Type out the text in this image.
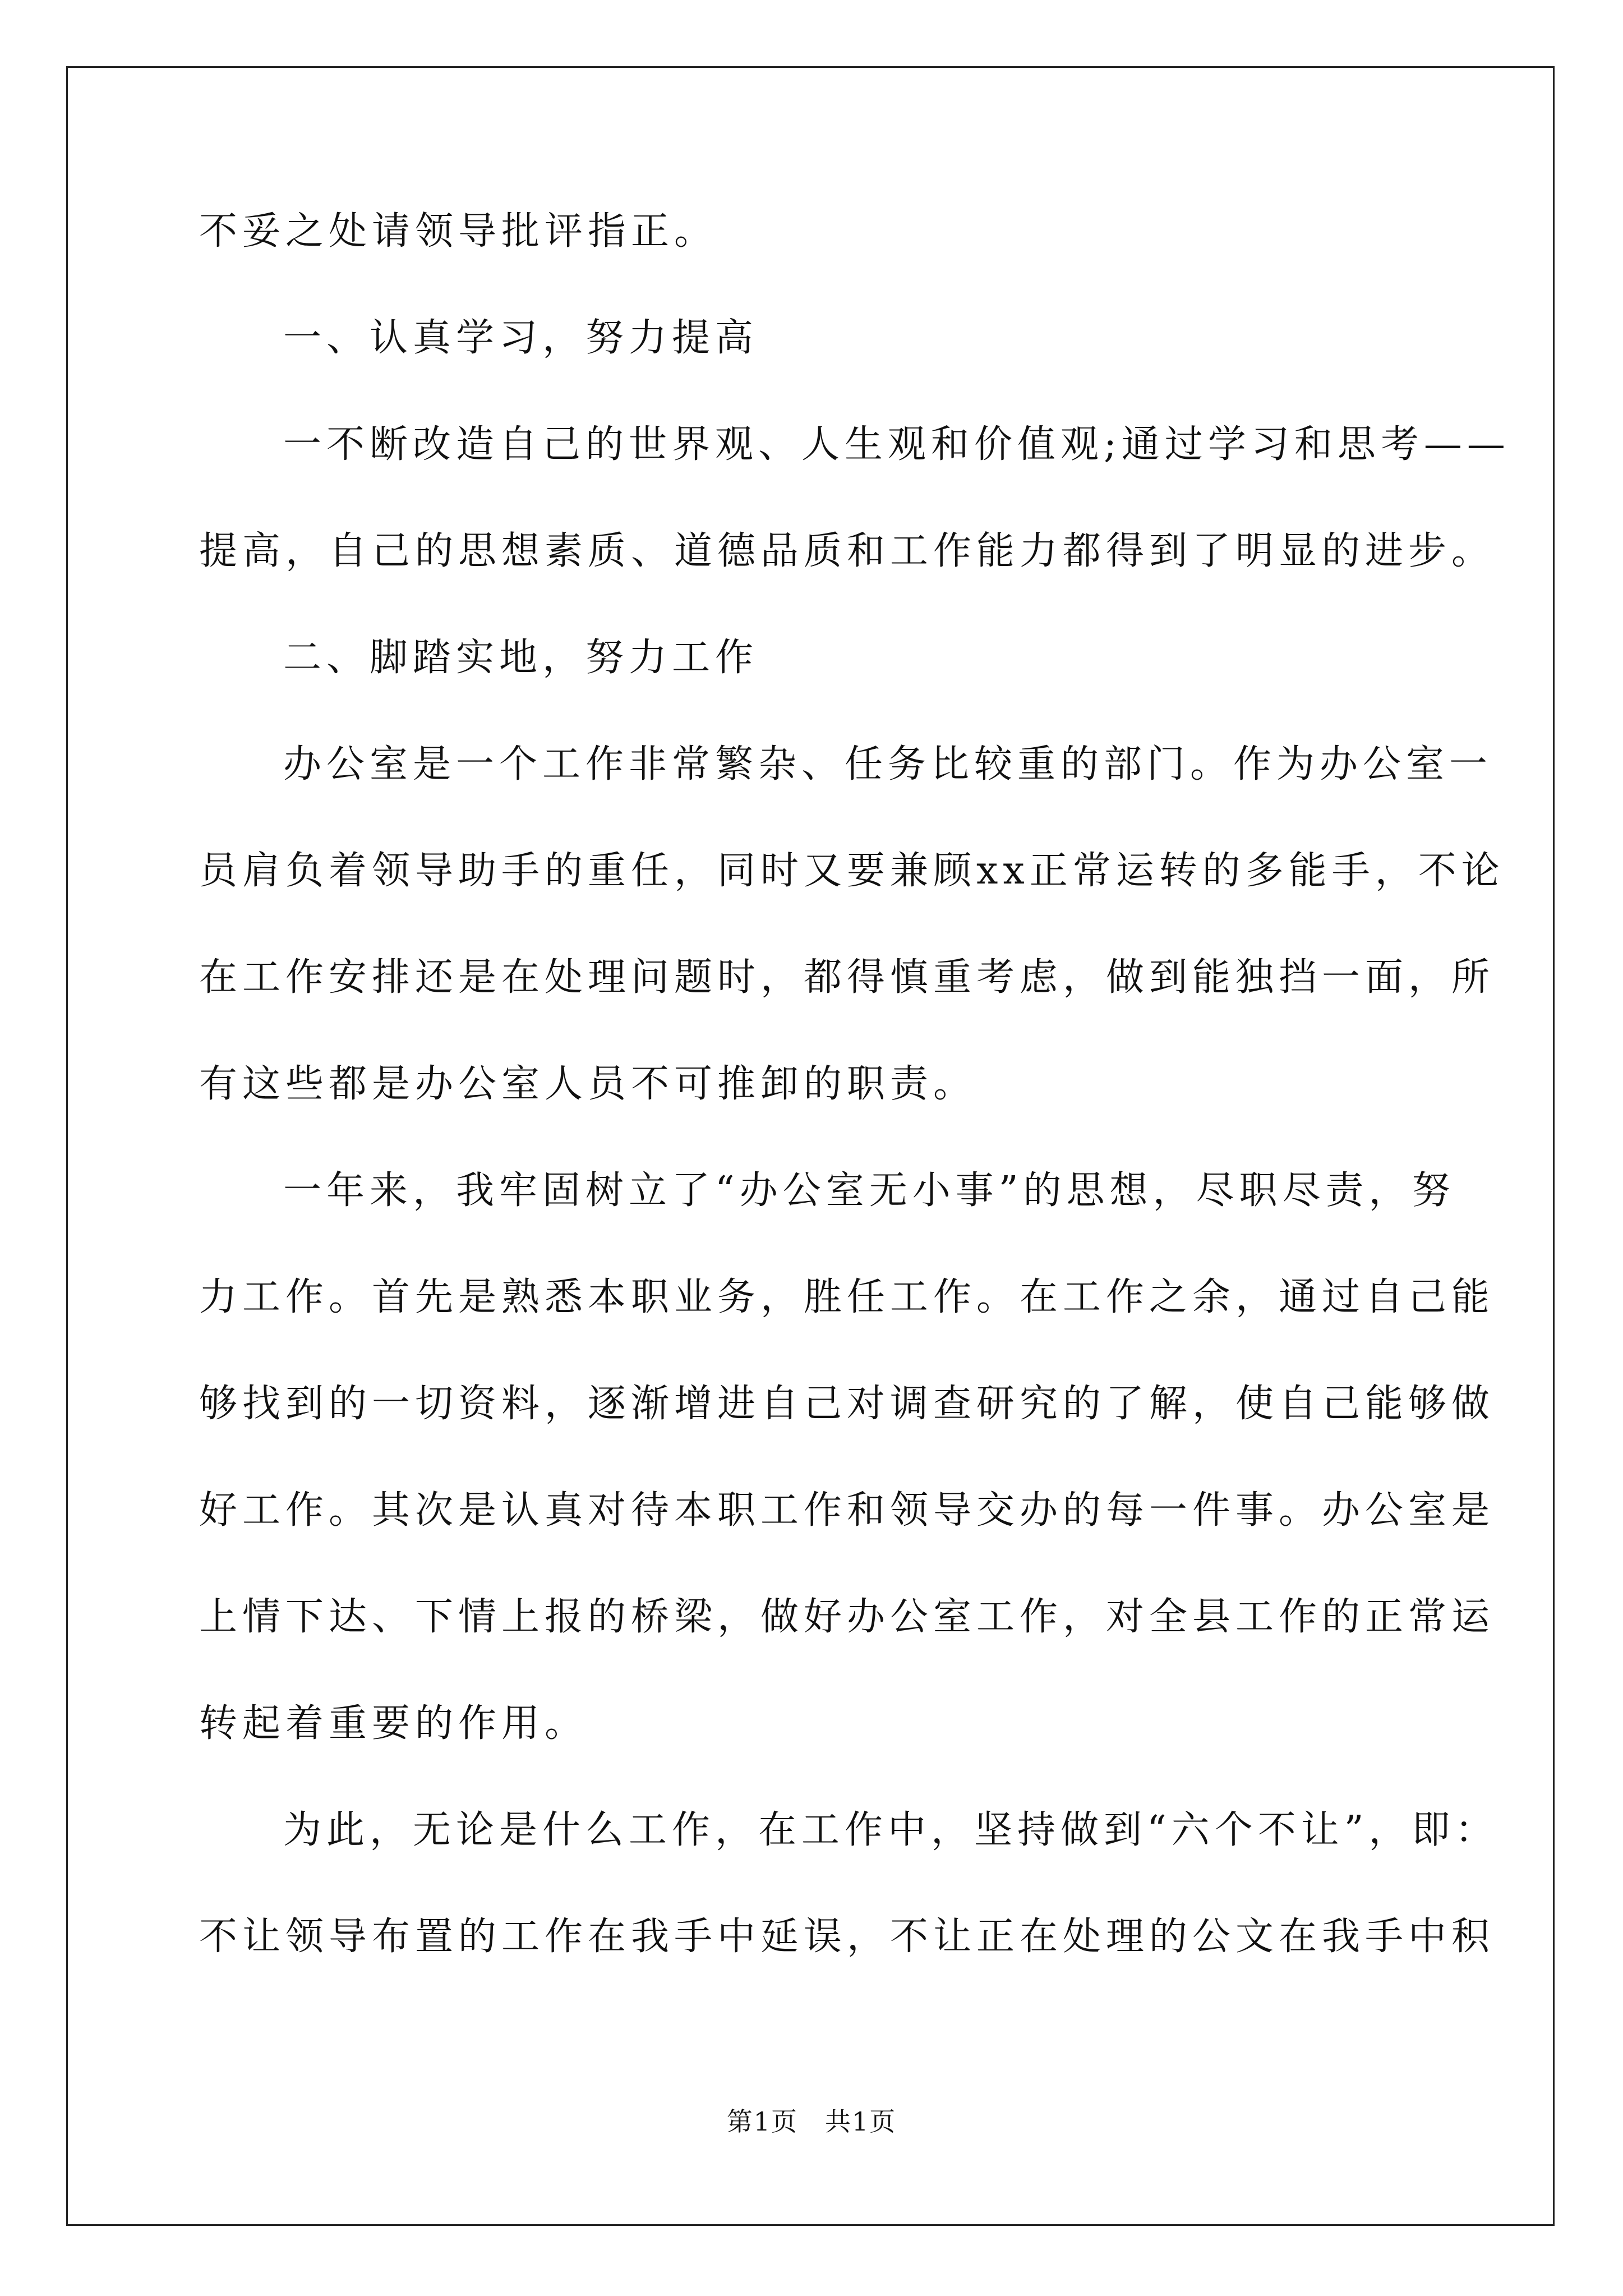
不妥之处请领导批评指正。
一、认真学习，努力提高
一不断改造自己的世界观、人生观和价值观;通过学习和思考——
提高，自己的思想素质、道德品质和工作能力都得到了明显的进步。
二、脚踏实地，努力工作
办公室是一个工作非常繁杂、任务比较重的部门。作为办公室一
员肩负着领导助手的重任，同时又要兼顾xx正常运转的多能手，不论
在工作安排还是在处理问题时，都得慎重考虑，做到能独挡一面，所
有这些都是办公室人员不可推卸的职责。
一年来，我牢固树立了“办公室无小事”的思想，尽职尽责，努
力工作。首先是熟悉本职业务，胜任工作。在工作之余，通过自己能
够找到的一切资料，逐渐增进自己对调查研究的了解，使自己能够做
好工作。其次是认真对待本职工作和领导交办的每一件事。办公室是
上情下达、下情上报的桥梁，做好办公室工作，对全县工作的正常运
转起着重要的作用。
为此，无论是什么工作，在工作中，坚持做到“六个不让”，即：
不让领导布置的工作在我手中延误，不让正在处理的公文在我手中积
第1页 共1页
